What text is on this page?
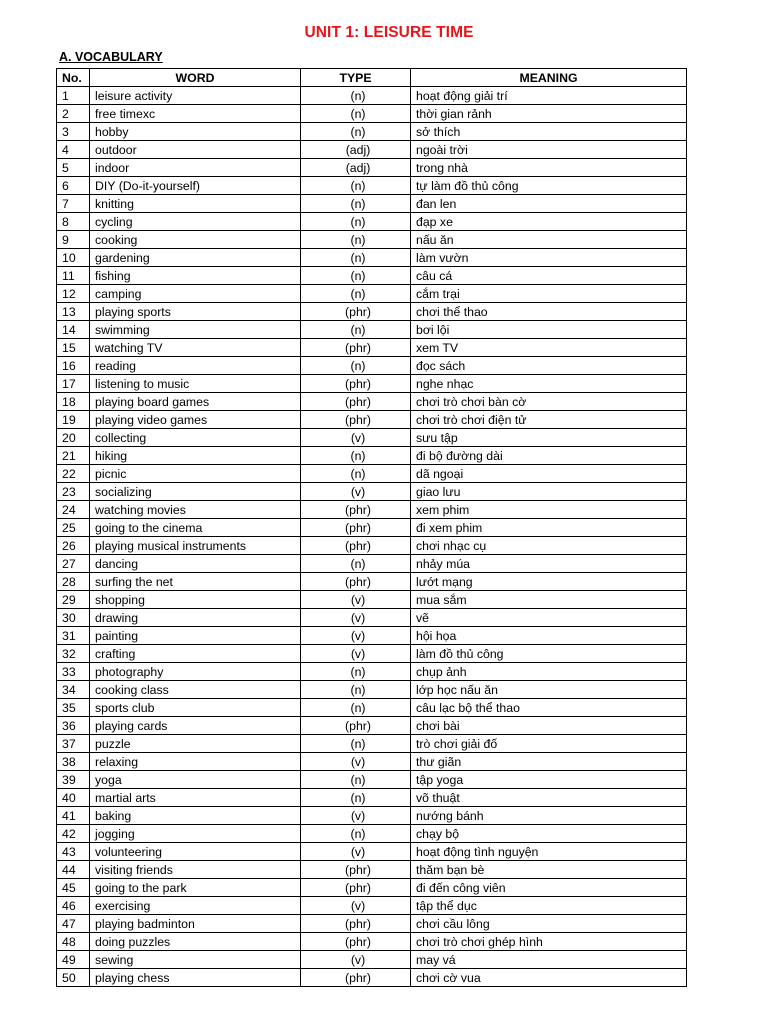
UNIT 1: LEISURE TIME
A. VOCABULARY
No.	WORD	TYPE	MEANING
1	leisure activity	(n)	hoạt động giải trí
2	free timexc	(n)	thời gian rảnh
3	hobby	(n)	sở thích
4	outdoor	(adj)	ngoài trời
5	indoor	(adj)	trong nhà
6	DIY (Do-it-yourself)	(n)	tự làm đồ thủ công
7	knitting	(n)	đan len
8	cycling	(n)	đạp xe
9	cooking	(n)	nấu ăn
10	gardening	(n)	làm vườn
11	fishing	(n)	câu cá
12	camping	(n)	cắm trại
13	playing sports	(phr)	chơi thể thao
14	swimming	(n)	bơi lội
15	watching TV	(phr)	xem TV
16	reading	(n)	đọc sách
17	listening to music	(phr)	nghe nhạc
18	playing board games	(phr)	chơi trò chơi bàn cờ
19	playing video games	(phr)	chơi trò chơi điện tử
20	collecting	(v)	sưu tập
21	hiking	(n)	đi bộ đường dài
22	picnic	(n)	dã ngoại
23	socializing	(v)	giao lưu
24	watching movies	(phr)	xem phim
25	going to the cinema	(phr)	đi xem phim
26	playing musical instruments	(phr)	chơi nhạc cụ
27	dancing	(n)	nhảy múa
28	surfing the net	(phr)	lướt mạng
29	shopping	(v)	mua sắm
30	drawing	(v)	vẽ
31	painting	(v)	hội họa
32	crafting	(v)	làm đồ thủ công
33	photography	(n)	chụp ảnh
34	cooking class	(n)	lớp học nấu ăn
35	sports club	(n)	câu lạc bộ thể thao
36	playing cards	(phr)	chơi bài
37	puzzle	(n)	trò chơi giải đố
38	relaxing	(v)	thư giãn
39	yoga	(n)	tập yoga
40	martial arts	(n)	võ thuật
41	baking	(v)	nướng bánh
42	jogging	(n)	chạy bộ
43	volunteering	(v)	hoạt động tình nguyện
44	visiting friends	(phr)	thăm bạn bè
45	going to the park	(phr)	đi đến công viên
46	exercising	(v)	tập thể dục
47	playing badminton	(phr)	chơi cầu lông
48	doing puzzles	(phr)	chơi trò chơi ghép hình
49	sewing	(v)	may vá
50	playing chess	(phr)	chơi cờ vua
